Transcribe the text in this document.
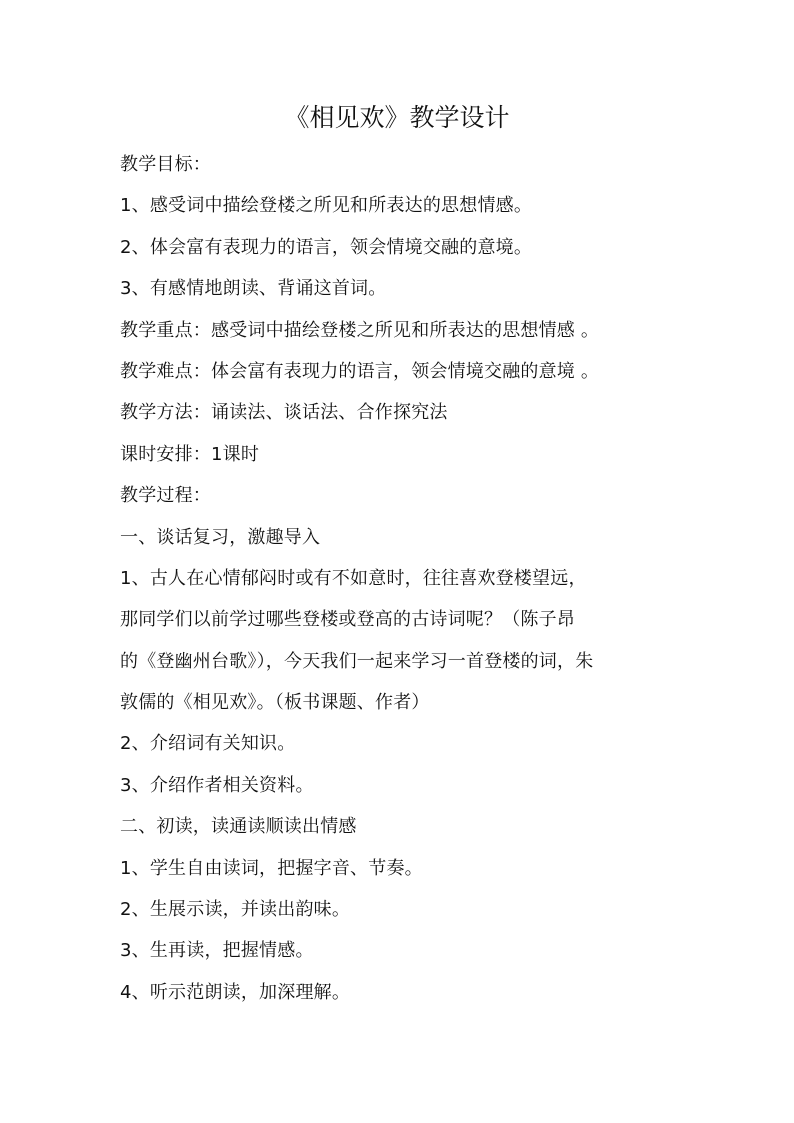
《相见欢》教学设计
教学目标：
1、感受词中描绘登楼之所见和所表达的思想情感。
2、体会富有表现力的语言，领会情境交融的意境。
3、有感情地朗读、背诵这首词。
教学重点：感受词中描绘登楼之所见和所表达的思想情感 。
教学难点：体会富有表现力的语言，领会情境交融的意境 。
教学方法：诵读法、谈话法、合作探究法
课时安排：1课时
教学过程：
一、谈话复习，激趣导入
1、古人在心情郁闷时或有不如意时，往往喜欢登楼望远，
那同学们以前学过哪些登楼或登高的古诗词呢？（陈子昂
的《登幽州台歌》），今天我们一起来学习一首登楼的词，朱
敦儒的《相见欢》。（板书课题、作者）
2、介绍词有关知识。
3、介绍作者相关资料。
二、初读，读通读顺读出情感
1、学生自由读词，把握字音、节奏。
2、生展示读，并读出韵味。
3、生再读，把握情感。
4、听示范朗读，加深理解。
